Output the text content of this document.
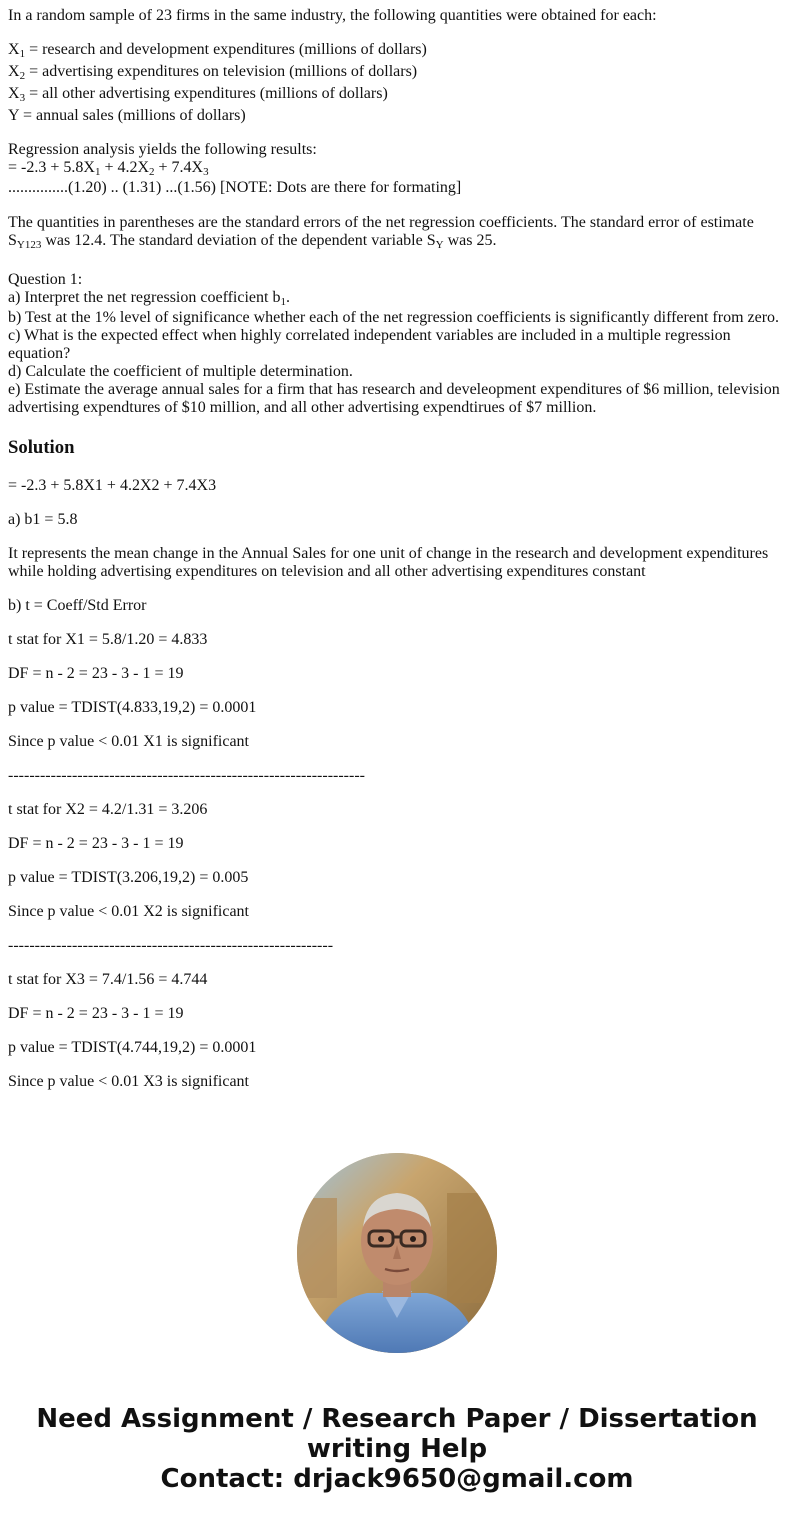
In a random sample of 23 firms in the same industry, the following quantities were obtained for each:

$X_1$ = research and development expenditures (millions of dollars)
$X_2$ = advertising expenditures on television (millions of dollars)
$X_3$ = all other advertising expenditures (millions of dollars)
Y = annual sales (millions of dollars)

Regression analysis yields the following results:

= $-2.3 + 5.8X_1 + 4.2X_2 + 7.4X_3$

...............(1.20) .. (1.31) ...(1.56) [NOTE: Dots are there for formating]

The quantities in parentheses are the standard errors of the net regression coefficients. The standard error of estimate $S_{Y123}$ was 12.4. The standard deviation of the dependent variable $S_Y$ was 25.

Question 1:

a) Interpret the net regression coefficient $b_1$.

b) Test at the 1% level of significance whether each of the net regression coefficients is significantly different from zero.

c) What is the expected effect when highly correlated independent variables are included in a multiple regression equation?

d) Calculate the coefficient of multiple determination.

e) Estimate the average annual sales for a firm that has research and develeopment expenditures of $6 million, television advertising expendtures of $10 million, and all other advertising expendtirues of $7 million.

Solution

= -2.3 + 5.8X1 + 4.2X2 + 7.4X3

a) b1 = 5.8

It represents the mean change in the Annual Sales for one unit of change in the research and development expenditures while holding advertising expenditures on television and all other advertising expenditures constant

b) t = Coeff/Std Error

t stat for X1 = 5.8/1.20 = 4.833

DF = n - 2 = 23 - 3 - 1 = 19

p value = TDIST(4.833,19,2) = 0.0001

Since p value < 0.01 X1 is significant

-------------------------------------------------------------------

t stat for X2 = 4.2/1.31 = 3.206

DF = n - 2 = 23 - 3 - 1 = 19

p value = TDIST(3.206,19,2) = 0.005

Since p value < 0.01 X2 is significant

-------------------------------------------------------------

t stat for X3 = 7.4/1.56 = 4.744

DF = n - 2 = 23 - 3 - 1 = 19

p value = TDIST(4.744,19,2) = 0.0001

Since p value < 0.01 X3 is significant

Need Assignment / Research Paper / Dissertation
writing Help
Contact: drjack9650@gmail.com
